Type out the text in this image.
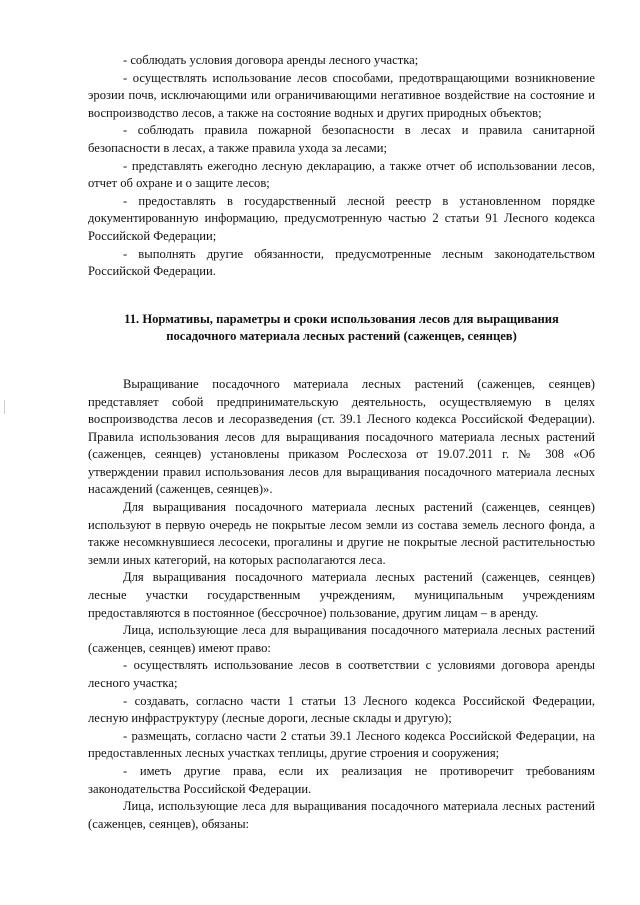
- соблюдать условия договора аренды лесного участка;

- осуществлять использование лесов способами, предотвращающими возникновение эрозии почв, исключающими или ограничивающими негативное воздействие на состояние и воспроизводство лесов, а также на состояние водных и других природных объектов;

- соблюдать правила пожарной безопасности в лесах и правила санитарной безопасности в лесах, а также правила ухода за лесами;

- представлять ежегодно лесную декларацию, а также отчет об использовании лесов, отчет об охране и о защите лесов;

- предоставлять в государственный лесной реестр в установленном порядке документированную информацию, предусмотренную частью 2 статьи 91 Лесного кодекса Российской Федерации;

- выполнять другие обязанности, предусмотренные лесным законодательством Российской Федерации.

11. Нормативы, параметры и сроки использования лесов для выращивания
посадочного материала лесных растений (саженцев, сеянцев)

Выращивание посадочного материала лесных растений (саженцев, сеянцев) представляет собой предпринимательскую деятельность, осуществляемую в целях воспроизводства лесов и лесоразведения (ст. 39.1 Лесного кодекса Российской Федерации). Правила использования лесов для выращивания посадочного материала лесных растений (саженцев, сеянцев) установлены приказом Рослесхоза от 19.07.2011 г. № 308 «Об утверждении правил использования лесов для выращивания посадочного материала лесных насаждений (саженцев, сеянцев)».

Для выращивания посадочного материала лесных растений (саженцев, сеянцев) используют в первую очередь не покрытые лесом земли из состава земель лесного фонда, а также несомкнувшиеся лесосеки, прогалины и другие не покрытые лесной растительностью земли иных категорий, на которых располагаются леса.

Для выращивания посадочного материала лесных растений (саженцев, сеянцев) лесные участки государственным учреждениям, муниципальным учреждениям предоставляются в постоянное (бессрочное) пользование, другим лицам – в аренду.

Лица, использующие леса для выращивания посадочного материала лесных растений (саженцев, сеянцев) имеют право:

- осуществлять использование лесов в соответствии с условиями договора аренды лесного участка;

- создавать, согласно части 1 статьи 13 Лесного кодекса Российской Федерации, лесную инфраструктуру (лесные дороги, лесные склады и другую);

- размещать, согласно части 2 статьи 39.1 Лесного кодекса Российской Федерации, на предоставленных лесных участках теплицы, другие строения и сооружения;

- иметь другие права, если их реализация не противоречит требованиям законодательства Российской Федерации.

Лица, использующие леса для выращивания посадочного материала лесных растений (саженцев, сеянцев), обязаны:
